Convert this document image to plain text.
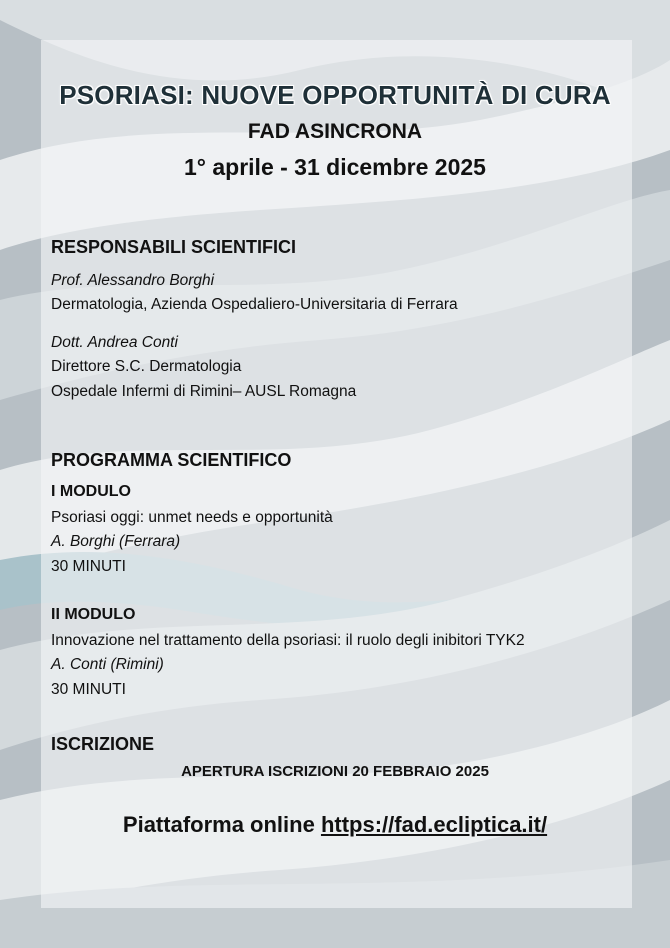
PSORIASI: NUOVE OPPORTUNITÀ DI CURA
FAD ASINCRONA
1° aprile - 31 dicembre 2025
RESPONSABILI SCIENTIFICI
Prof. Alessandro Borghi
Dermatologia, Azienda Ospedaliero-Universitaria di Ferrara
Dott. Andrea Conti
Direttore S.C. Dermatologia
Ospedale Infermi di Rimini– AUSL Romagna
PROGRAMMA SCIENTIFICO
I MODULO
Psoriasi oggi: unmet needs e opportunità
A. Borghi (Ferrara)
30 MINUTI
II MODULO
Innovazione nel trattamento della psoriasi: il ruolo degli inibitori TYK2
A. Conti (Rimini)
30 MINUTI
ISCRIZIONE
APERTURA ISCRIZIONI 20 FEBBRAIO 2025
Piattaforma online https://fad.ecliptica.it/
